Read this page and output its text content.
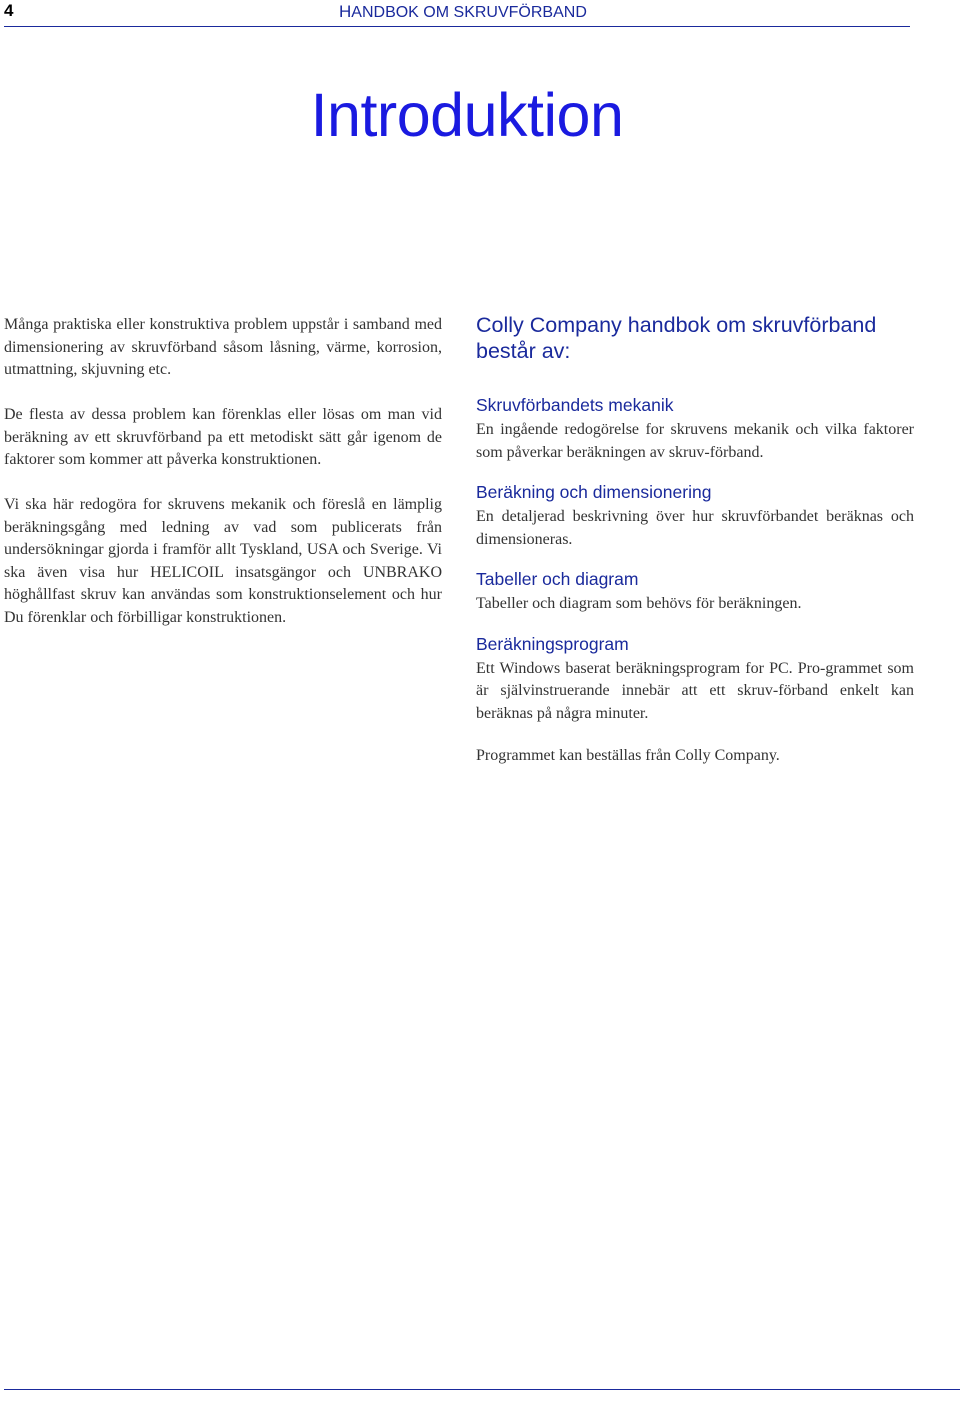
4	HANDBOK OM SKRUVFÖRBAND
Introduktion

Många praktiska eller konstruktiva problem uppstår i samband med dimensionering av skruvförband såsom låsning, värme, korrosion, utmattning, skjuvning etc.

De flesta av dessa problem kan förenklas eller lösas om man vid beräkning av ett skruvförband pa ett metodiskt sätt går igenom de faktorer som kommer att påverka konstruktionen.

Vi ska här redogöra for skruvens mekanik och föreslå en lämplig beräkningsgång med ledning av vad som publicerats från undersökningar gjorda i framför allt Tyskland, USA och Sverige. Vi ska även visa hur HELICOIL insatsgängor och UNBRAKO höghållfast skruv kan användas som konstruktionselement och hur Du förenklar och förbilligar konstruktionen.

Colly Company handbok om skruvförband består av:
Skruvförbandets mekanik

En ingående redogörelse for skruvens mekanik och vilka faktorer som påverkar beräkningen av skruv-förband.

Beräkning och dimensionering

En detaljerad beskrivning över hur skruvförbandet beräknas och dimensioneras.

Tabeller och diagram

Tabeller och diagram som behövs för beräkningen.

Beräkningsprogram

Ett Windows baserat beräkningsprogram for PC. Pro-grammet som är självinstruerande innebär att ett skruv-förband enkelt kan beräknas på några minuter.

Programmet kan beställas från Colly Company.
